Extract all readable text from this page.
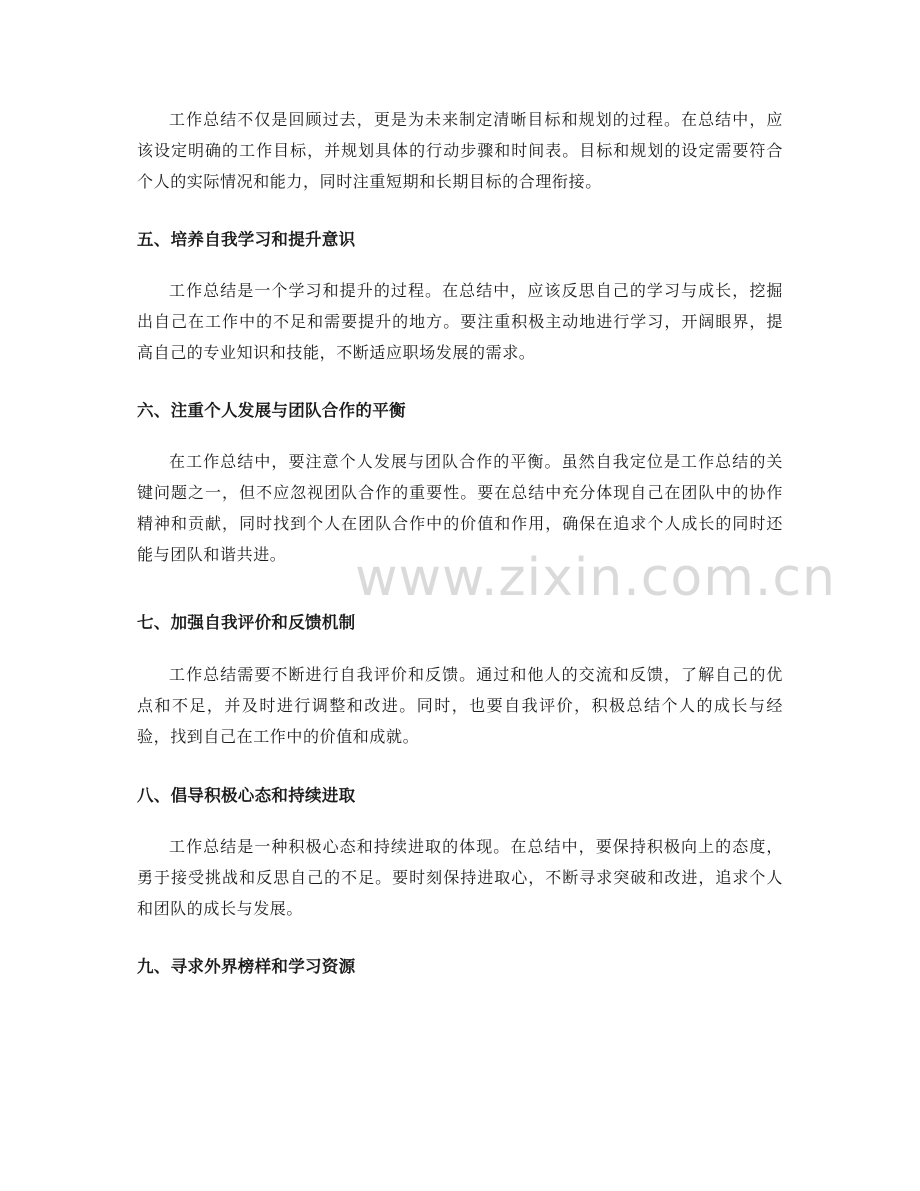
工作总结不仅是回顾过去，更是为未来制定清晰目标和规划的过程。在总结中，应该设定明确的工作目标，并规划具体的行动步骤和时间表。目标和规划的设定需要符合个人的实际情况和能力，同时注重短期和长期目标的合理衔接。

五、培养自我学习和提升意识

工作总结是一个学习和提升的过程。在总结中，应该反思自己的学习与成长，挖掘出自己在工作中的不足和需要提升的地方。要注重积极主动地进行学习，开阔眼界，提高自己的专业知识和技能，不断适应职场发展的需求。

六、注重个人发展与团队合作的平衡

在工作总结中，要注意个人发展与团队合作的平衡。虽然自我定位是工作总结的关键问题之一，但不应忽视团队合作的重要性。要在总结中充分体现自己在团队中的协作精神和贡献，同时找到个人在团队合作中的价值和作用，确保在追求个人成长的同时还能与团队和谐共进。

七、加强自我评价和反馈机制

工作总结需要不断进行自我评价和反馈。通过和他人的交流和反馈，了解自己的优点和不足，并及时进行调整和改进。同时，也要自我评价，积极总结个人的成长与经验，找到自己在工作中的价值和成就。

八、倡导积极心态和持续进取

工作总结是一种积极心态和持续进取的体现。在总结中，要保持积极向上的态度，勇于接受挑战和反思自己的不足。要时刻保持进取心，不断寻求突破和改进，追求个人和团队的成长与发展。

九、寻求外界榜样和学习资源
www.zixin.com.cn
